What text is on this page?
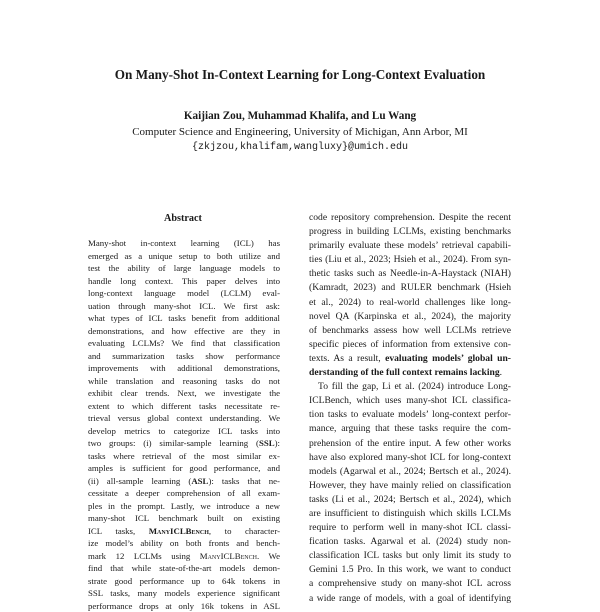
On Many-Shot In-Context Learning for Long-Context Evaluation
Kaijian Zou, Muhammad Khalifa, and Lu Wang
Computer Science and Engineering, University of Michigan, Ann Arbor, MI
{zkjzou,khalifam,wangluxy}@umich.edu
Abstract
Many-shot in-context learning (ICL) has
emerged as a unique setup to both utilize and
test the ability of large language models to
handle long context. This paper delves into
long-context language model (LCLM) eval-
uation through many-shot ICL. We first ask:
what types of ICL tasks benefit from additional
demonstrations, and how effective are they in
evaluating LCLMs? We find that classification
and summarization tasks show performance
improvements with additional demonstrations,
while translation and reasoning tasks do not
exhibit clear trends. Next, we investigate the
extent to which different tasks necessitate re-
trieval versus global context understanding. We
develop metrics to categorize ICL tasks into
two groups: (i) similar-sample learning (SSL):
tasks where retrieval of the most similar ex-
amples is sufficient for good performance, and
(ii) all-sample learning (ASL): tasks that ne-
cessitate a deeper comprehension of all exam-
ples in the prompt. Lastly, we introduce a new
many-shot ICL benchmark built on existing
ICL tasks, ManyICLBench, to character-
ize model’s ability on both fronts and bench-
mark 12 LCLMs using ManyICLBench. We
find that while state-of-the-art models demon-
strate good performance up to 64k tokens in
SSL tasks, many models experience significant
performance drops at only 16k tokens in ASL
code repository comprehension. Despite the recent
progress in building LCLMs, existing benchmarks
primarily evaluate these models’ retrieval capabili-
ties (Liu et al., 2023; Hsieh et al., 2024). From syn-
thetic tasks such as Needle-in-A-Haystack (NIAH)
(Kamradt, 2023) and RULER benchmark (Hsieh
et al., 2024) to real-world challenges like long-
novel QA (Karpinska et al., 2024), the majority
of benchmarks assess how well LCLMs retrieve
specific pieces of information from extensive con-
texts. As a result, evaluating models’ global un-
derstanding of the full context remains lacking.
To fill the gap, Li et al. (2024) introduce Long-
ICLBench, which uses many-shot ICL classifica-
tion tasks to evaluate models’ long-context perfor-
mance, arguing that these tasks require the com-
prehension of the entire input. A few other works
have also explored many-shot ICL for long-context
models (Agarwal et al., 2024; Bertsch et al., 2024).
However, they have mainly relied on classification
tasks (Li et al., 2024; Bertsch et al., 2024), which
are insufficient to distinguish which skills LCLMs
require to perform well in many-shot ICL classi-
fication tasks. Agarwal et al. (2024) study non-
classification ICL tasks but only limit its study to
Gemini 1.5 Pro. In this work, we want to conduct
a comprehensive study on many-shot ICL across
a wide range of models, with a goal of identifying
